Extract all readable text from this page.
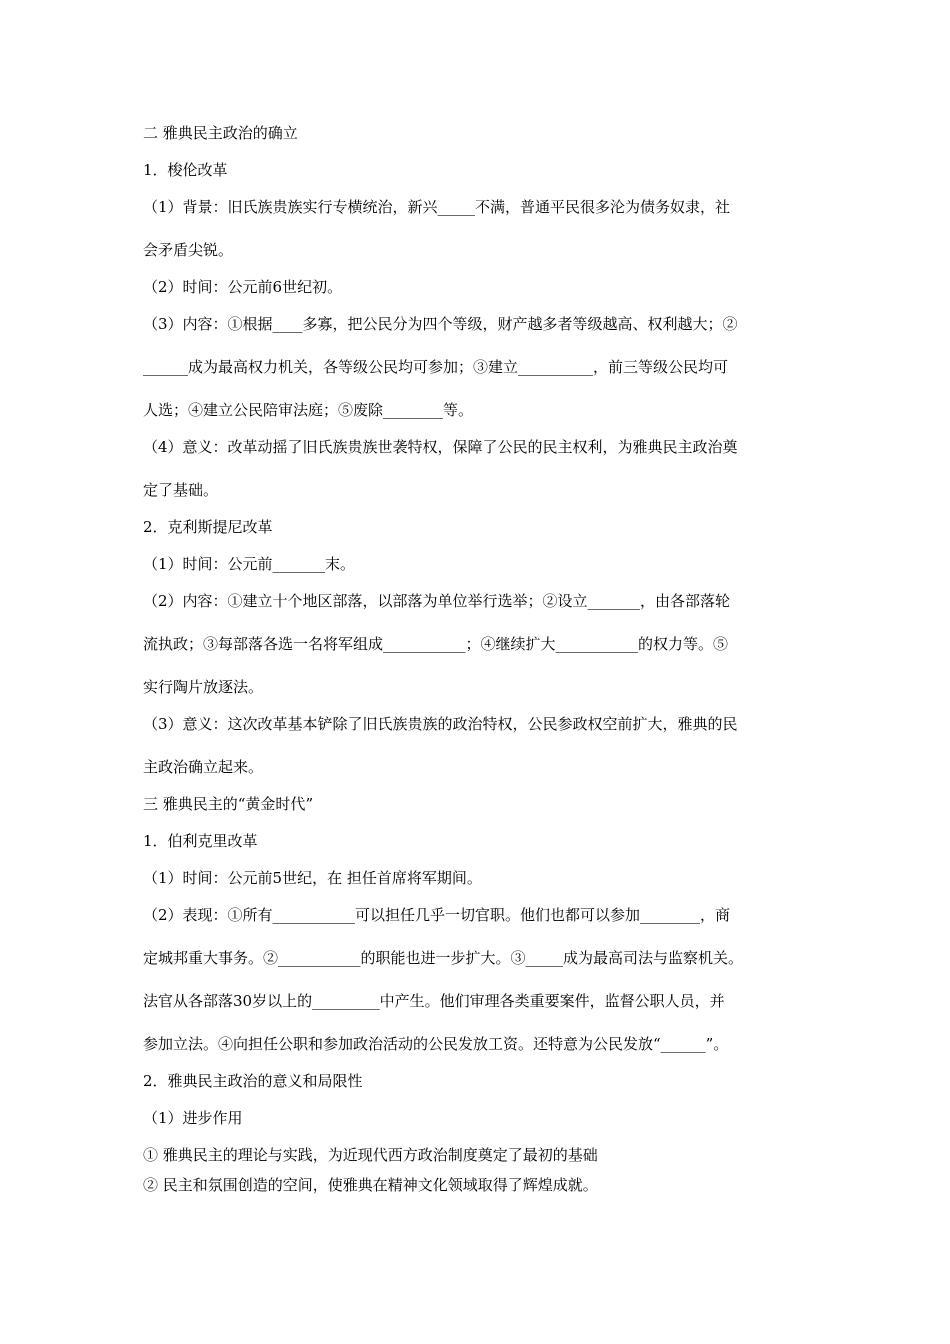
二 雅典民主政治的确立
1．梭伦改革
（1）背景：旧氏族贵族实行专横统治，新兴_____不满，普通平民很多沦为债务奴隶，社
会矛盾尖锐。
（2）时间：公元前6世纪初。
（3）内容：①根据____多寡，把公民分为四个等级，财产越多者等级越高、权利越大；②
______成为最高权力机关，各等级公民均可参加；③建立__________，前三等级公民均可
人选；④建立公民陪审法庭；⑤废除________等。
（4）意义：改革动摇了旧氏族贵族世袭特权，保障了公民的民主权利，为雅典民主政治奠
定了基础。
2．克利斯提尼改革
（1）时间：公元前_______末。
（2）内容：①建立十个地区部落，以部落为单位举行选举；②设立_______，由各部落轮
流执政；③每部落各选一名将军组成___________；④继续扩大___________的权力等。⑤
实行陶片放逐法。
（3）意义：这次改革基本铲除了旧氏族贵族的政治特权，公民参政权空前扩大，雅典的民
主政治确立起来。
三 雅典民主的“黄金时代”
1．伯利克里改革
（1）时间：公元前5世纪，在 担任首席将军期间。
（2）表现：①所有___________可以担任几乎一切官职。他们也都可以参加________，商
定城邦重大事务。②___________的职能也进一步扩大。③_____成为最高司法与监察机关。
法官从各部落30岁以上的_________中产生。他们审理各类重要案件，监督公职人员，并
参加立法。④向担任公职和参加政治活动的公民发放工资。还特意为公民发放“______”。
2．雅典民主政治的意义和局限性
（1）进步作用
① 雅典民主的理论与实践，为近现代西方政治制度奠定了最初的基础
② 民主和氛围创造的空间，使雅典在精神文化领域取得了辉煌成就。
